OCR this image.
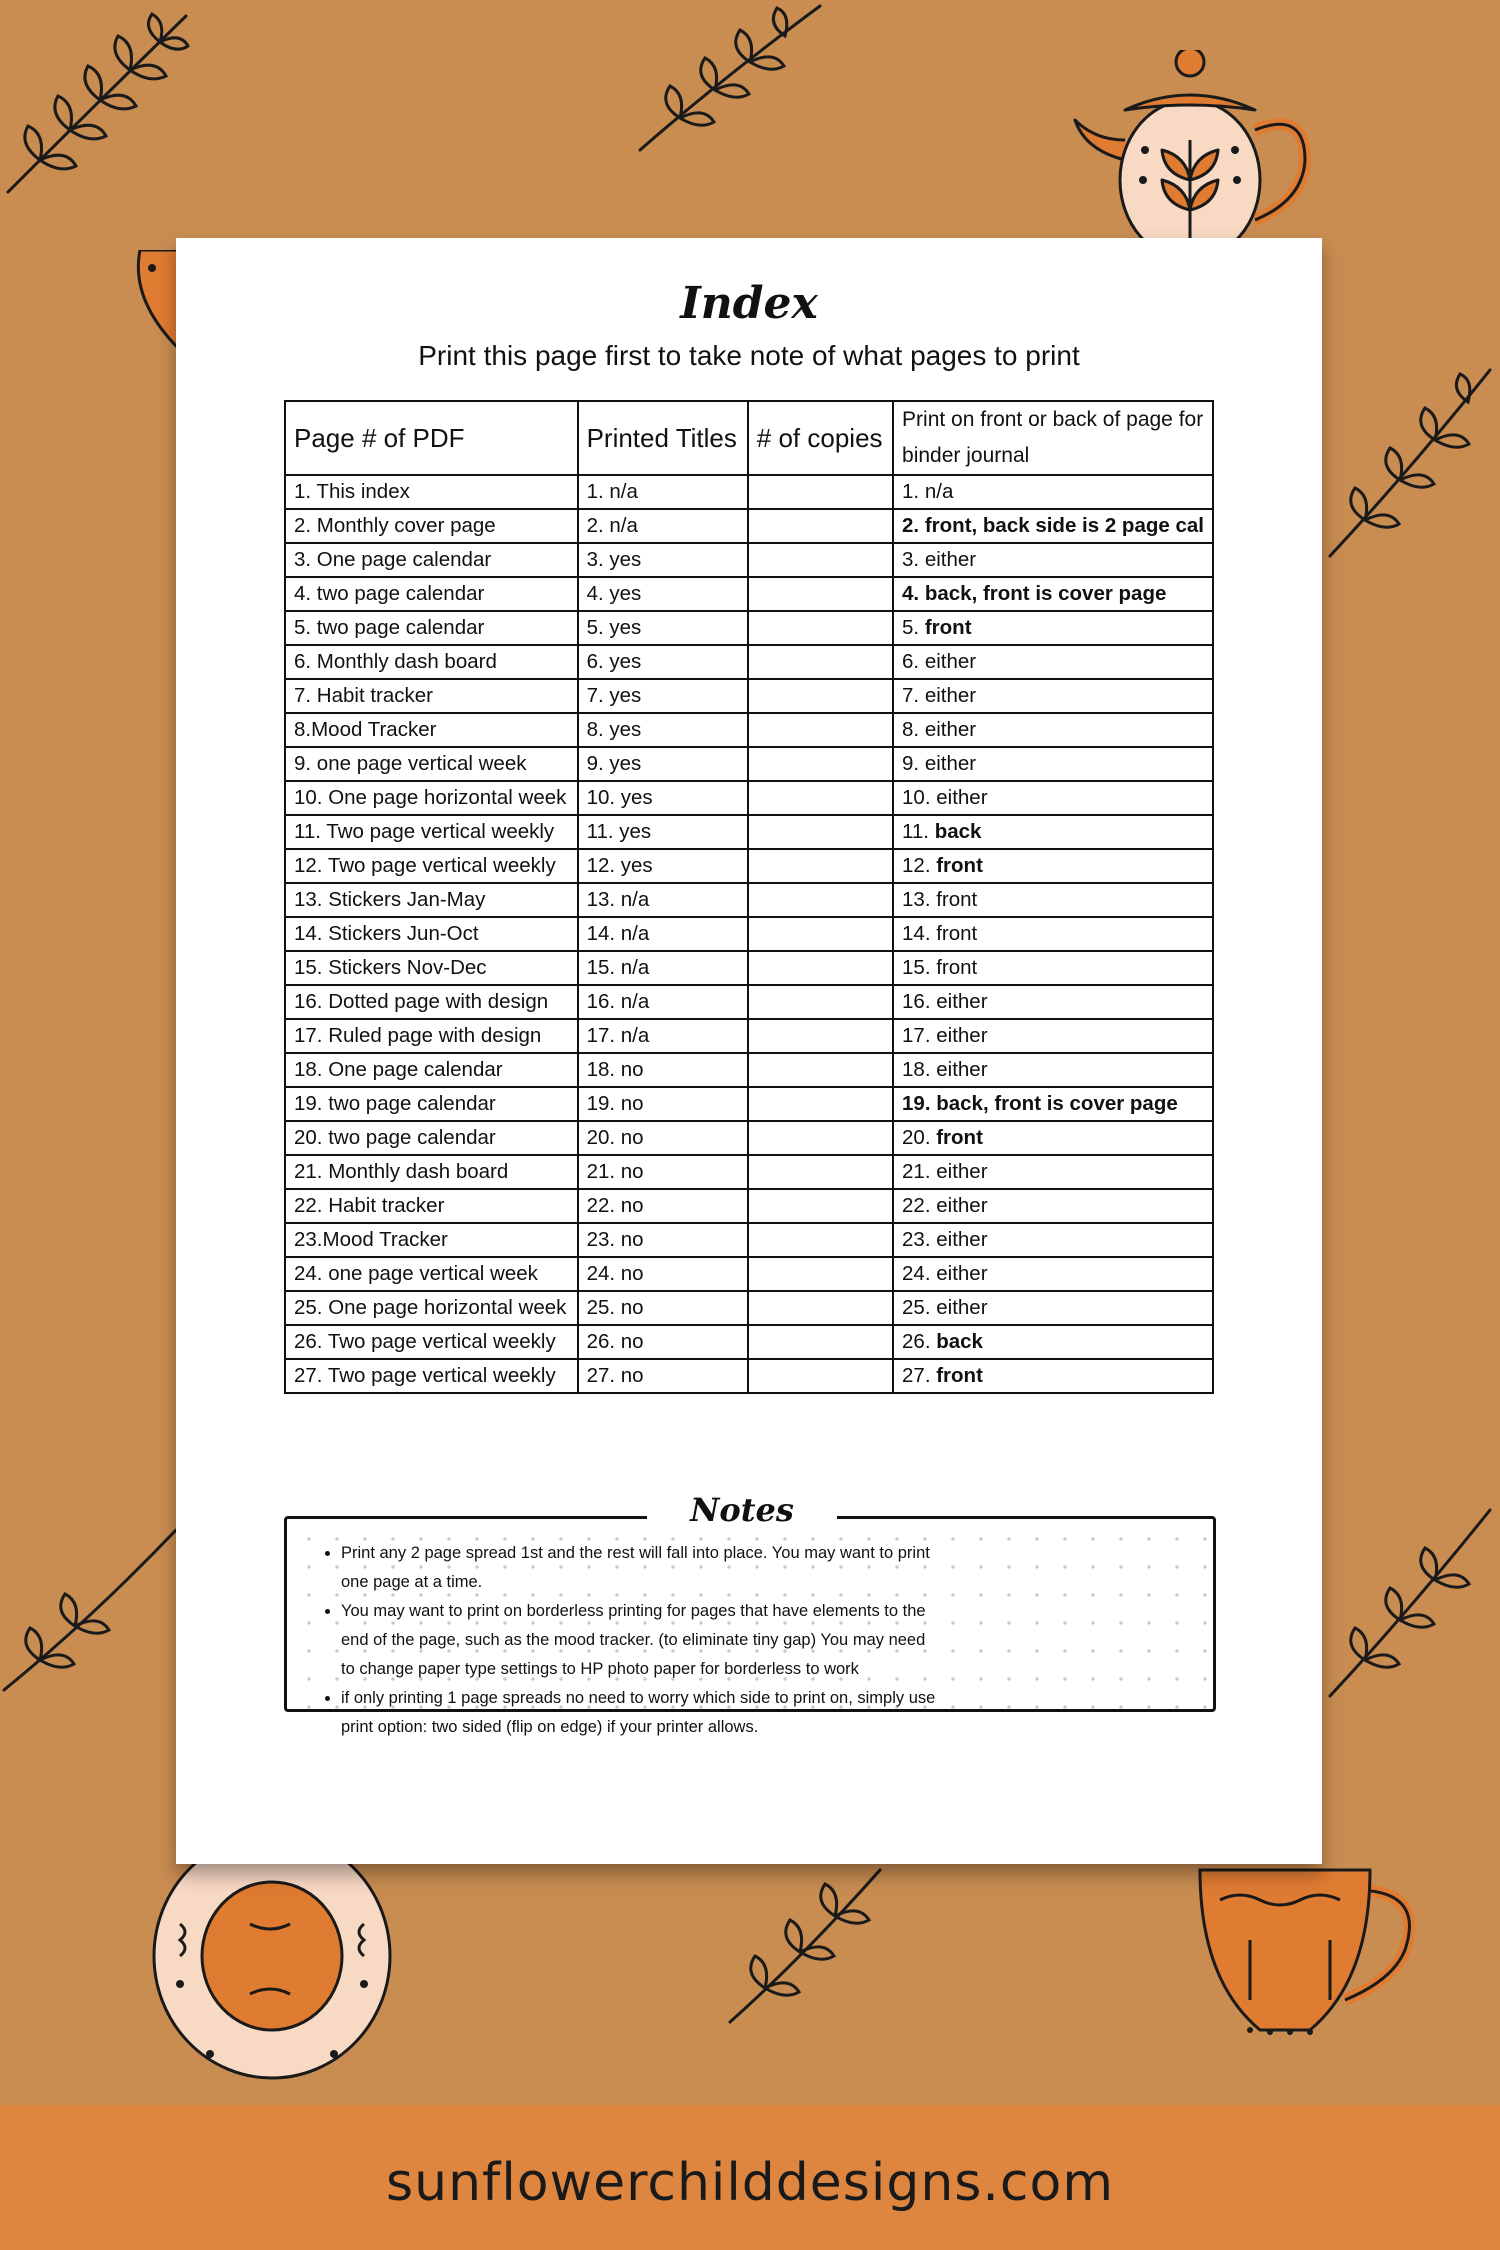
Index
Print this page first to take note of what pages to print
Page # of PDF	Printed Titles	# of copies	Print on front or back of page for binder journal
1. This index	1. n/a		1. n/a
2. Monthly cover page	2. n/a		2. front, back side is 2 page cal
3. One page calendar	3. yes		3. either
4. two page calendar	4. yes		4. back, front is cover page
5. two page calendar	5. yes		5. front
6. Monthly dash board	6. yes		6. either
7. Habit tracker	7. yes		7. either
8.Mood Tracker	8. yes		8. either
9. one page vertical week	9. yes		9. either
10. One page horizontal week	10. yes		10. either
11. Two page vertical weekly	11. yes		11. back
12. Two page vertical weekly	12. yes		12. front
13. Stickers Jan-May	13. n/a		13. front
14. Stickers Jun-Oct	14. n/a		14. front
15. Stickers Nov-Dec	15. n/a		15. front
16. Dotted page with design	16. n/a		16. either
17. Ruled page with design	17. n/a		17. either
18. One page calendar	18. no		18. either
19. two page calendar	19. no		19. back, front is cover page
20. two page calendar	20. no		20. front
21. Monthly dash board	21. no		21. either
22. Habit tracker	22. no		22. either
23.Mood Tracker	23. no		23. either
24. one page vertical week	24. no		24. either
25. One page horizontal week	25. no		25. either
26. Two page vertical weekly	26. no		26. back
27. Two page vertical weekly	27. no		27. front
Notes
• Print any 2 page spread 1st and the rest will fall into place. You may want to print one page at a time.
• You may want to print on borderless printing for pages that have elements to the end of the page, such as the mood tracker. (to eliminate tiny gap) You may need to change paper type settings to HP photo paper for borderless to work
• if only printing 1 page spreads no need to worry which side to print on, simply use print option: two sided (flip on edge) if your printer allows.
sunflowerchilddesigns.com
